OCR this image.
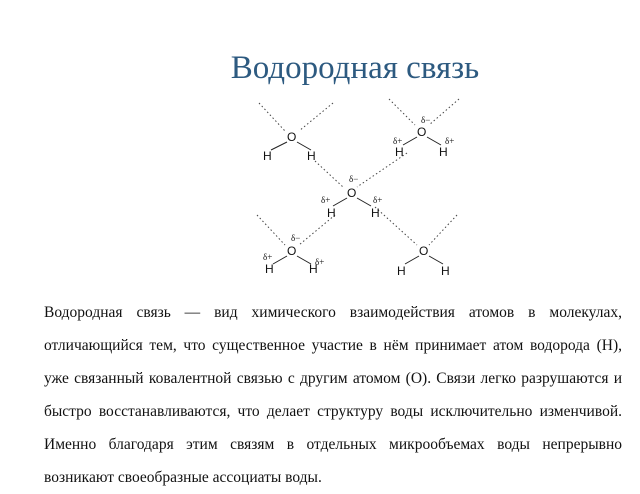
Водородная связь
O
H	H
O
H	H
δ−
δ+	δ+
O
H	H
δ−
δ+	δ+
O
H	H
δ−
δ+	δ+
O
H	H

Водородная связь — вид химического взаимодействия атомов в молекулах, отличающийся тем, что существенное участие в нём принимает атом водорода (H), уже связанный ковалентной связью с другим атомом (O). Связи легко разрушаются и быстро восстанавливаются, что делает структуру воды исключительно изменчивой. Именно благодаря этим связям в отдельных микрообъемах воды непрерывно возникают своеобразные ассоциаты воды.
